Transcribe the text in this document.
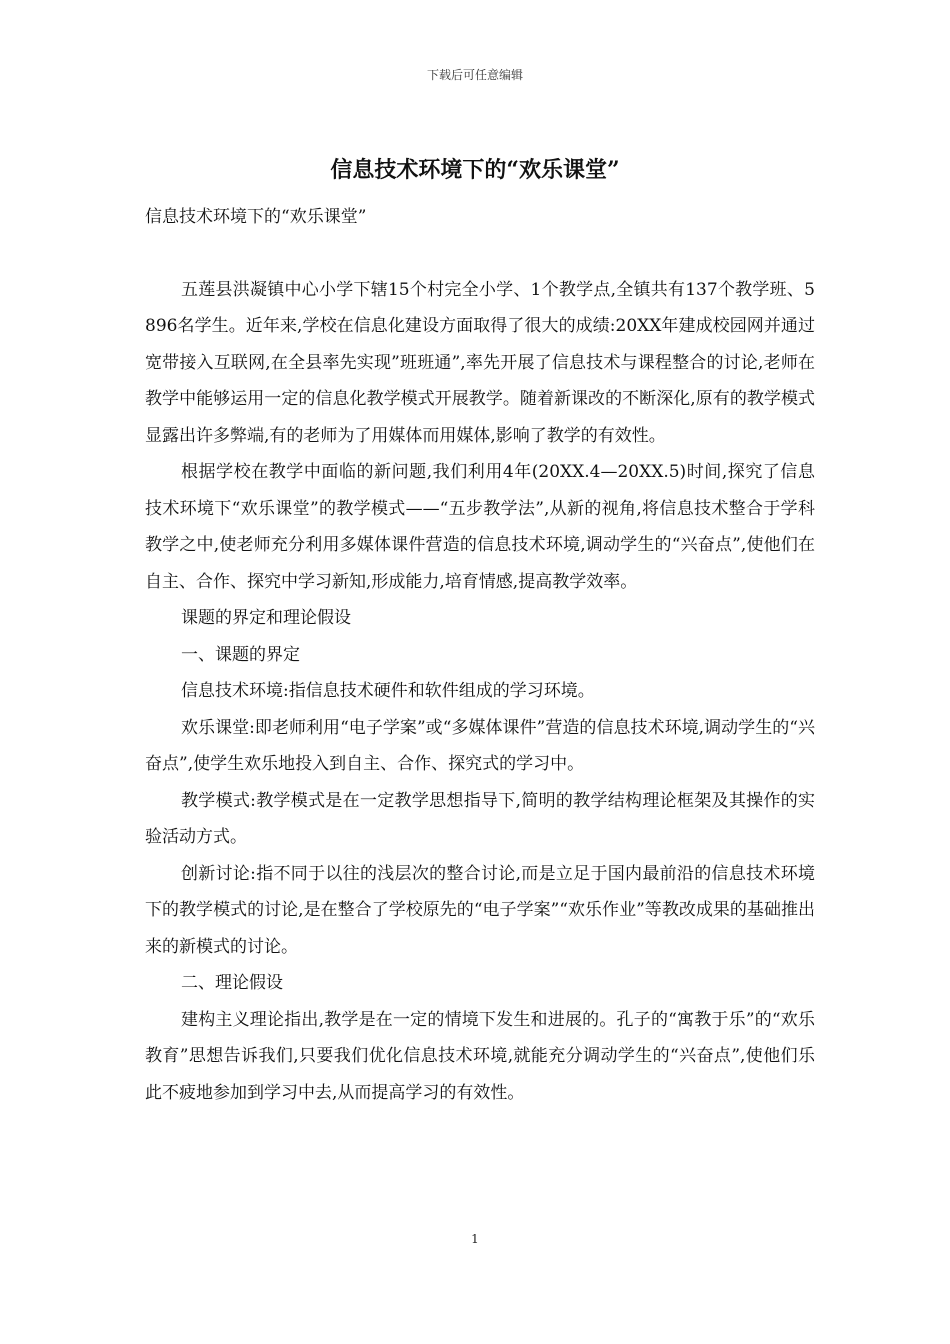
下载后可任意编辑
信息技术环境下的“欢乐课堂”

信息技术环境下的“欢乐课堂”

五莲县洪凝镇中心小学下辖15个村完全小学、1个教学点,全镇共有137个教学班、5 896名学生。近年来,学校在信息化建设方面取得了很大的成绩:20XX年建成校园网并通过宽带接入互联网,在全县率先实现”班班通”,率先开展了信息技术与课程整合的讨论,老师在教学中能够运用一定的信息化教学模式开展教学。随着新课改的不断深化,原有的教学模式显露出许多弊端,有的老师为了用媒体而用媒体,影响了教学的有效性。

根据学校在教学中面临的新问题,我们利用4年(20XX.4—20XX.5)时间,探究了信息技术环境下“欢乐课堂”的教学模式——“五步教学法”,从新的视角,将信息技术整合于学科教学之中,使老师充分利用多媒体课件营造的信息技术环境,调动学生的“兴奋点”,使他们在自主、合作、探究中学习新知,形成能力,培育情感,提高教学效率。

课题的界定和理论假设

一、课题的界定

信息技术环境:指信息技术硬件和软件组成的学习环境。

欢乐课堂:即老师利用“电子学案”或“多媒体课件”营造的信息技术环境,调动学生的“兴奋点”,使学生欢乐地投入到自主、合作、探究式的学习中。

教学模式:教学模式是在一定教学思想指导下,简明的教学结构理论框架及其操作的实验活动方式。

创新讨论:指不同于以往的浅层次的整合讨论,而是立足于国内最前沿的信息技术环境下的教学模式的讨论,是在整合了学校原先的“电子学案”“欢乐作业”等教改成果的基础推出来的新模式的讨论。

二、理论假设

建构主义理论指出,教学是在一定的情境下发生和进展的。孔子的“寓教于乐”的“欢乐教育”思想告诉我们,只要我们优化信息技术环境,就能充分调动学生的“兴奋点”,使他们乐此不疲地参加到学习中去,从而提高学习的有效性。

1
